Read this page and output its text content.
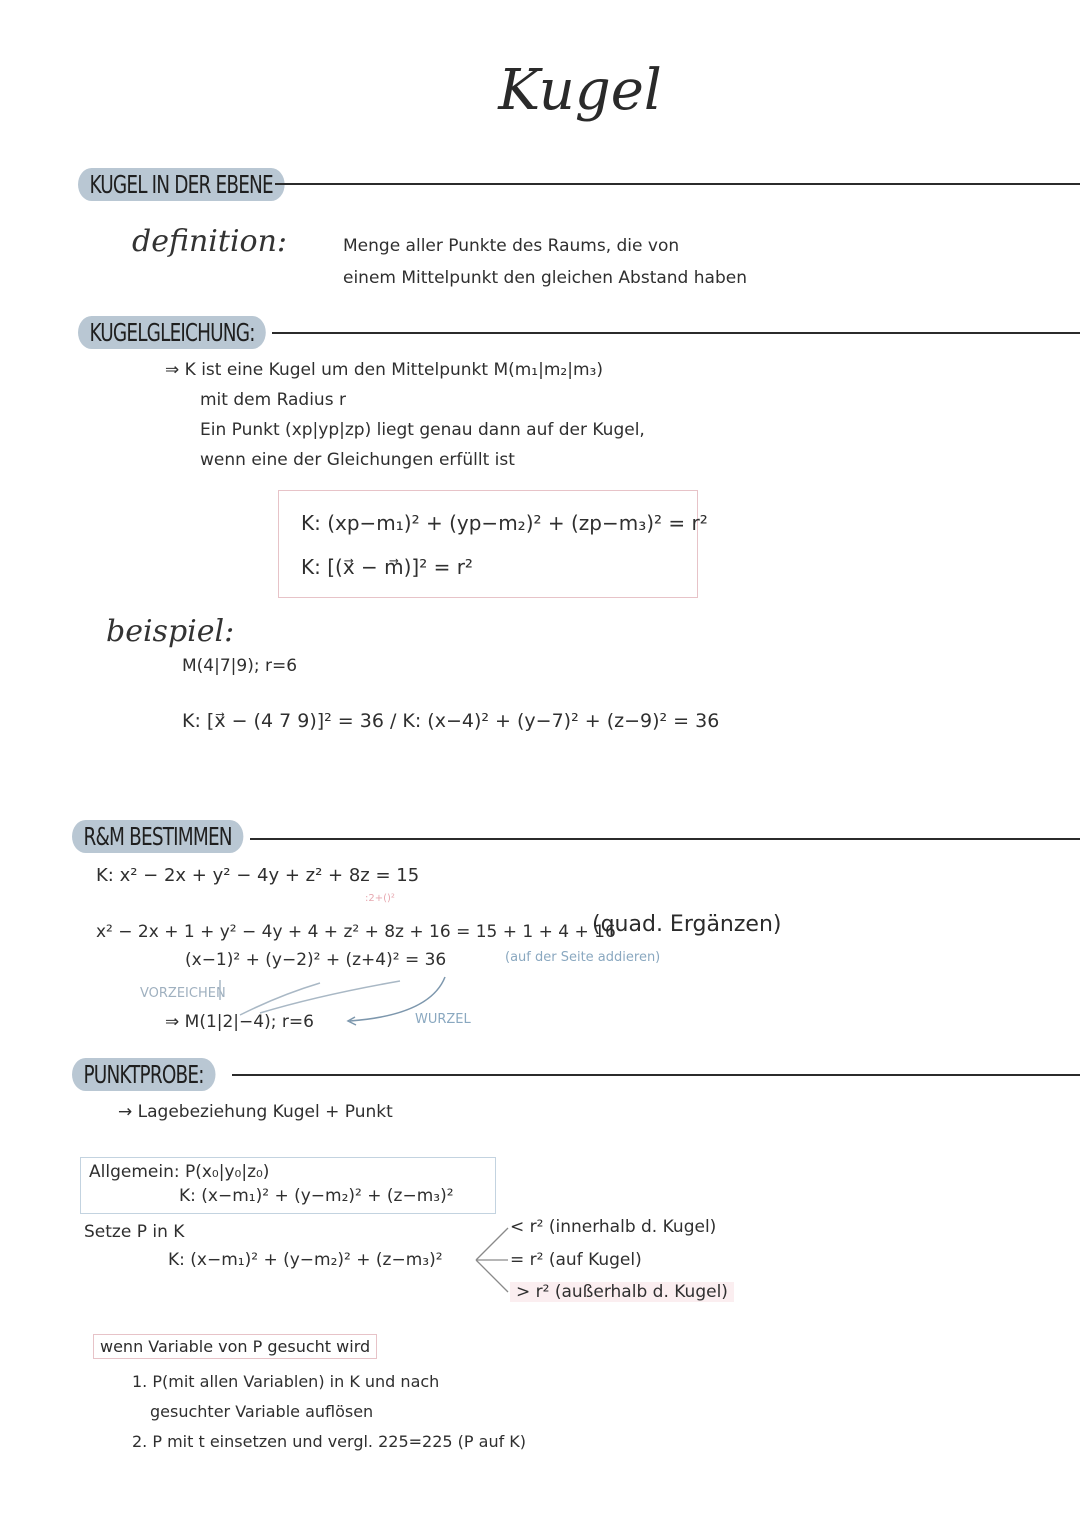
Kugel
KUGEL IN DER EBENE
definition:	Menge aller Punkte des Raums, die von
einem Mittelpunkt den gleichen Abstand haben
KUGELGLEICHUNG:
⇒ K ist eine Kugel um den Mittelpunkt M(m₁|m₂|m₃)
mit dem Radius r
Ein Punkt (xp|yp|zp) liegt genau dann auf der Kugel,
wenn eine der Gleichungen erfüllt ist
K: (xp−m₁)² + (yp−m₂)² + (zp−m₃)² = r²
K: [(x⃗ − m⃗)]² = r²
beispiel:
M(4|7|9); r=6
K: [x⃗ − (4 7 9)]² = 36 / K: (x−4)² + (y−7)² + (z−9)² = 36
R&M BESTIMMEN
K: x² − 2x + y² − 4y + z² + 8z = 15
:2+()²
x² − 2x + 1 + y² − 4y + 4 + z² + 8z + 16 = 15 + 1 + 4 + 16
(quad. Ergänzen)
(auf der Seite addieren)
(x−1)² + (y−2)² + (z+4)² = 36
VORZEICHEN
WURZEL
⇒ M(1|2|−4); r=6
PUNKTPROBE:
→ Lagebeziehung Kugel + Punkt
Allgemein: P(x₀|y₀|z₀)
K: (x−m₁)² + (y−m₂)² + (z−m₃)²
Setze P in K
K: (x−m₁)² + (y−m₂)² + (z−m₃)²
< r² (innerhalb d. Kugel)
= r² (auf Kugel)
> r² (außerhalb d. Kugel)
wenn Variable von P gesucht wird
1. P(mit allen Variablen) in K und nach
gesuchter Variable auflösen
2. P mit t einsetzen und vergl. 225=225 (P auf K)
